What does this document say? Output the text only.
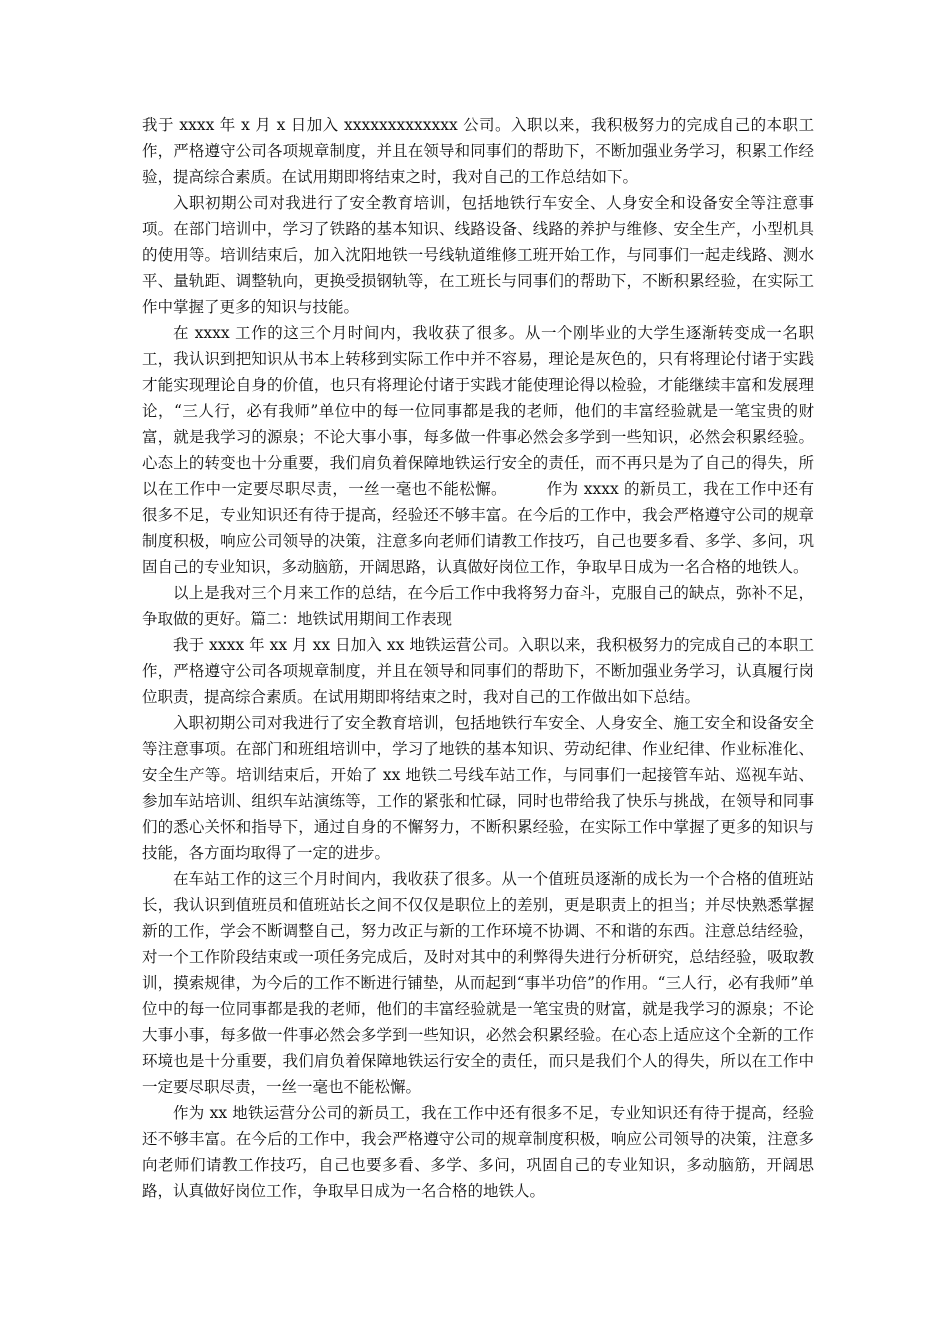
我于 xxxx 年 x 月 x 日加入 xxxxxxxxxxxxx 公司。入职以来，我积极努力的完成自己的本职工作，严格遵守公司各项规章制度，并且在领导和同事们的帮助下，不断加强业务学习，积累工作经验，提高综合素质。在试用期即将结束之时，我对自己的工作总结如下。

入职初期公司对我进行了安全教育培训，包括地铁行车安全、人身安全和设备安全等注意事项。在部门培训中，学习了铁路的基本知识、线路设备、线路的养护与维修、安全生产，小型机具的使用等。培训结束后，加入沈阳地铁一号线轨道维修工班开始工作，与同事们一起走线路、测水平、量轨距、调整轨向，更换受损钢轨等，在工班长与同事们的帮助下，不断积累经验，在实际工作中掌握了更多的知识与技能。

在 xxxx 工作的这三个月时间内，我收获了很多。从一个刚毕业的大学生逐渐转变成一名职工，我认识到把知识从书本上转移到实际工作中并不容易，理论是灰色的，只有将理论付诸于实践才能实现理论自身的价值，也只有将理论付诸于实践才能使理论得以检验，才能继续丰富和发展理论，“三人行，必有我师”单位中的每一位同事都是我的老师，他们的丰富经验就是一笔宝贵的财富，就是我学习的源泉；不论大事小事，每多做一件事必然会多学到一些知识，必然会积累经验。心态上的转变也十分重要，我们肩负着保障地铁运行安全的责任，而不再只是为了自己的得失，所以在工作中一定要尽职尽责，一丝一毫也不能松懈。　　　作为 xxxx 的新员工，我在工作中还有很多不足，专业知识还有待于提高，经验还不够丰富。在今后的工作中，我会严格遵守公司的规章制度积极，响应公司领导的决策，注意多向老师们请教工作技巧，自己也要多看、多学、多问，巩固自己的专业知识，多动脑筋，开阔思路，认真做好岗位工作，争取早日成为一名合格的地铁人。

以上是我对三个月来工作的总结，在今后工作中我将努力奋斗，克服自己的缺点，弥补不足，争取做的更好。篇二：地铁试用期间工作表现

我于 xxxx 年 xx 月 xx 日加入 xx 地铁运营公司。入职以来，我积极努力的完成自己的本职工作，严格遵守公司各项规章制度，并且在领导和同事们的帮助下，不断加强业务学习，认真履行岗位职责，提高综合素质。在试用期即将结束之时，我对自己的工作做出如下总结。

入职初期公司对我进行了安全教育培训，包括地铁行车安全、人身安全、施工安全和设备安全等注意事项。在部门和班组培训中，学习了地铁的基本知识、劳动纪律、作业纪律、作业标准化、安全生产等。培训结束后，开始了 xx 地铁二号线车站工作，与同事们一起接管车站、巡视车站、参加车站培训、组织车站演练等，工作的紧张和忙碌，同时也带给我了快乐与挑战，在领导和同事们的悉心关怀和指导下，通过自身的不懈努力，不断积累经验，在实际工作中掌握了更多的知识与技能，各方面均取得了一定的进步。

在车站工作的这三个月时间内，我收获了很多。从一个值班员逐渐的成长为一个合格的值班站长，我认识到值班员和值班站长之间不仅仅是职位上的差别，更是职责上的担当；并尽快熟悉掌握新的工作，学会不断调整自己，努力改正与新的工作环境不协调、不和谐的东西。注意总结经验，对一个工作阶段结束或一项任务完成后，及时对其中的利弊得失进行分析研究，总结经验，吸取教训，摸索规律，为今后的工作不断进行铺垫，从而起到“事半功倍”的作用。“三人行，必有我师”单位中的每一位同事都是我的老师，他们的丰富经验就是一笔宝贵的财富，就是我学习的源泉；不论大事小事，每多做一件事必然会多学到一些知识，必然会积累经验。在心态上适应这个全新的工作环境也是十分重要，我们肩负着保障地铁运行安全的责任，而只是我们个人的得失，所以在工作中一定要尽职尽责，一丝一毫也不能松懈。

作为 xx 地铁运营分公司的新员工，我在工作中还有很多不足，专业知识还有待于提高，经验还不够丰富。在今后的工作中，我会严格遵守公司的规章制度积极，响应公司领导的决策，注意多向老师们请教工作技巧，自己也要多看、多学、多问，巩固自己的专业知识，多动脑筋，开阔思路，认真做好岗位工作，争取早日成为一名合格的地铁人。
